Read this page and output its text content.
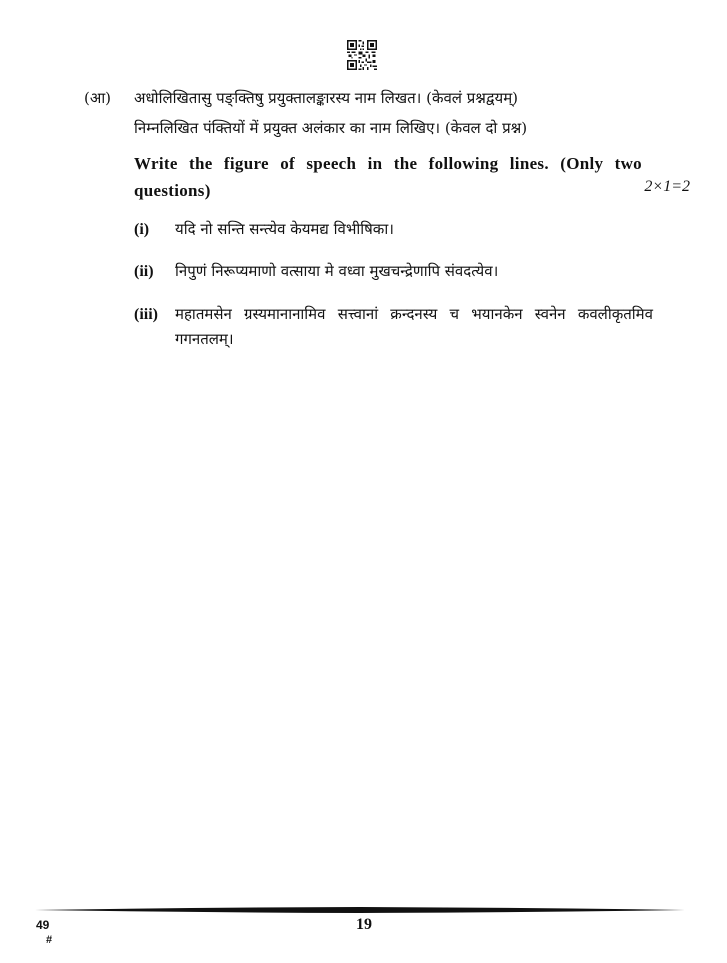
(आ) अधोलिखितासु पङ्क्तिषु प्रयुक्तालङ्कारस्य नाम लिखत। (केवलं प्रश्नद्वयम्)
निम्नलिखित पंक्तियों में प्रयुक्त अलंकार का नाम लिखिए। (केवल दो प्रश्न)
Write the figure of speech in the following lines. (Only two questions)	2×1=2
(i) यदि नो सन्ति सन्त्येव केयमद्य विभीषिका।
(ii) निपुणं निरूप्यमाणो वत्साया मे वध्वा मुखचन्द्रेणापि संवदत्येव।
(iii) महातमसेन ग्रस्यमानानामिव सत्त्वानां क्रन्दनस्य च भयानकेन स्वनेन कवलीकृतमिव गगनतलम्।
49
#
19
